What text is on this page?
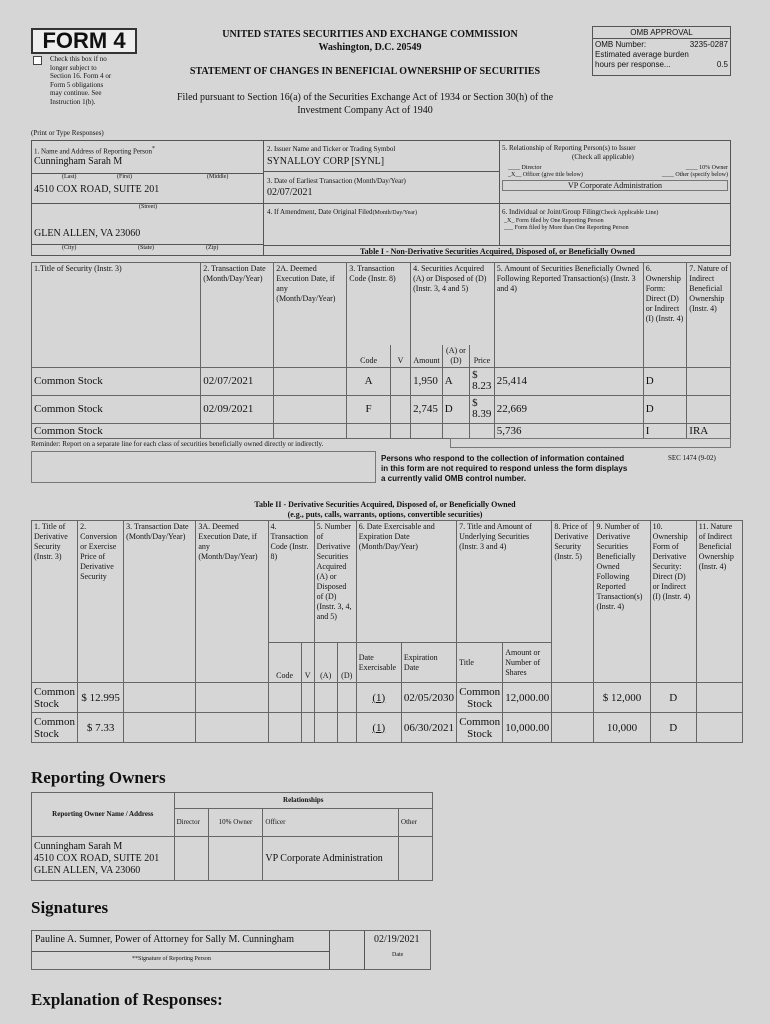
FORM 4
Check this box if no
longer subject to
Section 16. Form 4 or
Form 5 obligations
may continue. See
Instruction 1(b).
UNITED STATES SECURITIES AND EXCHANGE COMMISSION
Washington, D.C. 20549
STATEMENT OF CHANGES IN BENEFICIAL OWNERSHIP OF SECURITIES
Filed pursuant to Section 16(a) of the Securities Exchange Act of 1934 or Section 30(h) of the
Investment Company Act of 1940
OMB APPROVAL
OMB Number:	3235-0287
Estimated average burden
hours per response...	0.5
(Print or Type Responses)
1. Name and Address of Reporting Person*
Cunningham Sarah M
(Last)	(First)	(Middle)
4510 COX ROAD, SUITE 201
(Street)
GLEN ALLEN, VA 23060
(City)	(State)	(Zip)
2. Issuer Name and Ticker or Trading Symbol
SYNALLOY CORP [SYNL]
3. Date of Earliest Transaction (Month/Day/Year)
02/07/2021
4. If Amendment, Date Original Filed(Month/Day/Year)
5. Relationship of Reporting Person(s) to Issuer
(Check all applicable)
____ Director	____ 10% Owner
_X__ Officer (give title below)	____ Other (specify below)
VP Corporate Administration
6. Individual or Joint/Group Filing(Check Applicable Line)
_X_ Form filed by One Reporting Person
___ Form filed by More than One Reporting Person
Table I - Non-Derivative Securities Acquired, Disposed of, or Beneficially Owned
1.Title of Security (Instr. 3)	2. Transaction Date (Month/Day/Year)	2A. Deemed Execution Date, if any (Month/Day/Year)	3. Transaction Code (Instr. 8)		4. Securities Acquired (A) or Disposed of (D) (Instr. 3, 4 and 5)			5. Amount of Securities Beneficially Owned Following Reported Transaction(s) (Instr. 3 and 4)	6. Ownership Form: Direct (D) or Indirect (I) (Instr. 4)	7. Nature of Indirect Beneficial Ownership (Instr. 4)
			Code	V	Amount	(A) or (D)	Price			
Common Stock	02/07/2021		A		1,950	A	$ 8.23	25,414	D	
Common Stock	02/09/2021		F		2,745	D	$ 8.39	22,669	D	
Common Stock								5,736	I	IRA
Reminder: Report on a separate line for each class of securities beneficially owned directly or indirectly.
Persons who respond to the collection of information contained
in this form are not required to respond unless the form displays
a currently valid OMB control number.
SEC 1474 (9-02)
Table II - Derivative Securities Acquired, Disposed of, or Beneficially Owned
(e.g., puts, calls, warrants, options, convertible securities)
1. Title of Derivative Security (Instr. 3)	2. Conversion or Exercise Price of Derivative Security	3. Transaction Date (Month/Day/Year)	3A. Deemed Execution Date, if any (Month/Day/Year)	4. Transaction Code (Instr. 8)		5. Number of Derivative Securities Acquired (A) or Disposed of (D) (Instr. 3, 4, and 5)		6. Date Exercisable and Expiration Date (Month/Day/Year)		7. Title and Amount of Underlying Securities (Instr. 3 and 4)		8. Price of Derivative Security (Instr. 5)	9. Number of Derivative Securities Beneficially Owned Following Reported Transaction(s) (Instr. 4)	10. Ownership Form of Derivative Security: Direct (D) or Indirect (I) (Instr. 4)	11. Nature of Indirect Beneficial Ownership (Instr. 4)
				Code	V	(A)	(D)	Date Exercisable	Expiration Date	Title	Amount or Number of Shares				
Common Stock	$ 12.995							(1)	02/05/2030	Common Stock	12,000.00		$ 12,000	D	
Common Stock	$ 7.33							(1)	06/30/2021	Common Stock	10,000.00		10,000	D	
Reporting Owners
Reporting Owner Name / Address	Relationships			
	Director	10% Owner	Officer	Other

Cunningham Sarah M
4510 COX ROAD, SUITE 201
GLEN ALLEN, VA 23060			VP Corporate Administration	
Signatures
Pauline A. Sumner, Power of Attorney for Sally M. Cunningham	02/19/2021
**Signature of Reporting Person
Date
Explanation of Responses:
